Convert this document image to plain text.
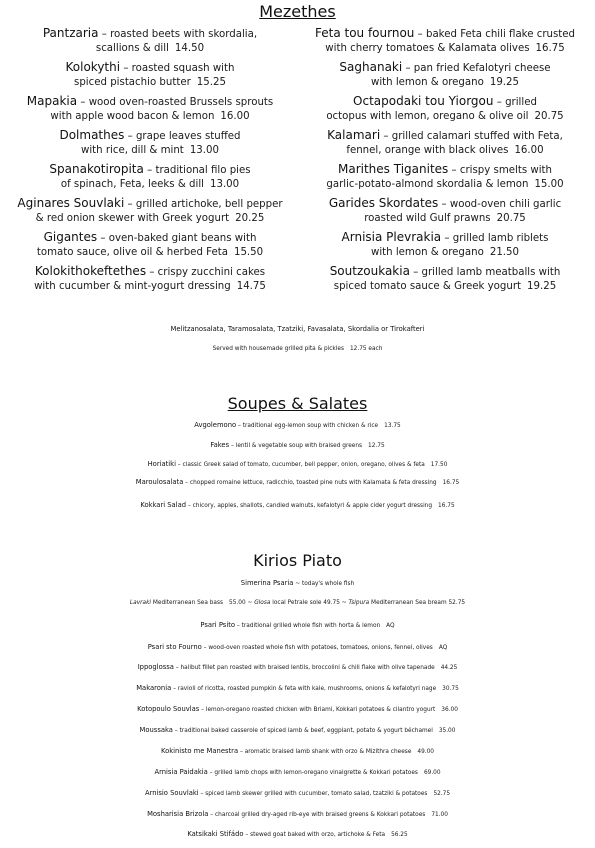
Mezethes
Pantzaria – roasted beets with skordalia,
scallions & dill 14.50
Kolokythi – roasted squash with
spiced pistachio butter 15.25
Mapakia – wood oven-roasted Brussels sprouts
with apple wood bacon & lemon 16.00
Dolmathes – grape leaves stuffed
with rice, dill & mint 13.00
Spanakotiropita – traditional filo pies
of spinach, Feta, leeks & dill 13.00
Aginares Souvlaki – grilled artichoke, bell pepper
& red onion skewer with Greek yogurt 20.25
Gigantes – oven-baked giant beans with
tomato sauce, olive oil & herbed Feta 15.50
Kolokithokeftethes – crispy zucchini cakes
with cucumber & mint-yogurt dressing 14.75
Feta tou fournou – baked Feta chili flake crusted
with cherry tomatoes & Kalamata olives 16.75
Saghanaki – pan fried Kefalotyri cheese
with lemon & oregano 19.25
Octapodaki tou Yiorgou – grilled
octopus with lemon, oregano & olive oil 20.75
Kalamari – grilled calamari stuffed with Feta,
fennel, orange with black olives 16.00
Marithes Tiganites – crispy smelts with
garlic-potato-almond skordalia & lemon 15.00
Garides Skordates – wood-oven chili garlic
roasted wild Gulf prawns 20.75
Arnisia Plevrakia – grilled lamb riblets
with lemon & oregano 21.50
Soutzoukakia – grilled lamb meatballs with
spiced tomato sauce & Greek yogurt 19.25
Melitzanosalata, Taramosalata, Tzatziki, Favasalata, Skordalia or Tirokafteri
Served with housemade grilled pita & pickles 12.75 each
Soupes & Salates
Avgolemono – traditional egg-lemon soup with chicken & rice 13.75
Fakes – lentil & vegetable soup with braised greens 12.75
Horiatiki – classic Greek salad of tomato, cucumber, bell pepper, onion, oregano, olives & feta 17.50
Maroulosalata – chopped romaine lettuce, radicchio, toasted pine nuts with Kalamata & feta dressing 16.75
Kokkari Salad – chicory, apples, shallots, candied walnuts, kefalotyri & apple cider yogurt dressing 16.75
Kirios Piato
Simerina Psaria ~ today's whole fish
Lavraki Mediterranean Sea bass 55.00 ~ Glosa local Petrale sole 49.75 ~ Tsipura Mediterranean Sea bream 52.75
Psari Psito – traditional grilled whole fish with horta & lemon AQ
Psari sto Fourno – wood-oven roasted whole fish with potatoes, tomatoes, onions, fennel, olives AQ
Ippoglossa – halibut fillet pan roasted with braised lentils, broccolini & chili flake with olive tapenade 44.25
Makaronia – ravioli of ricotta, roasted pumpkin & feta with kale, mushrooms, onions & kefalotyri nage 30.75
Kotopoulo Souvlas – lemon-oregano roasted chicken with Briami, Kokkari potatoes & cilantro yogurt 36.00
Moussaka – traditional baked casserole of spiced lamb & beef, eggplant, potato & yogurt béchamel 35.00
Kokinisto me Manestra – aromatic braised lamb shank with orzo & Mizithra cheese 49.00
Arnisia Paidakia – grilled lamb chops with lemon-oregano vinaigrette & Kokkari potatoes 69.00
Arnisio Souvlaki – spiced lamb skewer grilled with cucumber, tomato salad, tzatziki & potatoes 52.75
Mosharisia Brizola – charcoal grilled dry-aged rib-eye with braised greens & Kokkari potatoes 71.00
Katsikaki Stifádo – stewed goat baked with orzo, artichoke & Feta 56.25
